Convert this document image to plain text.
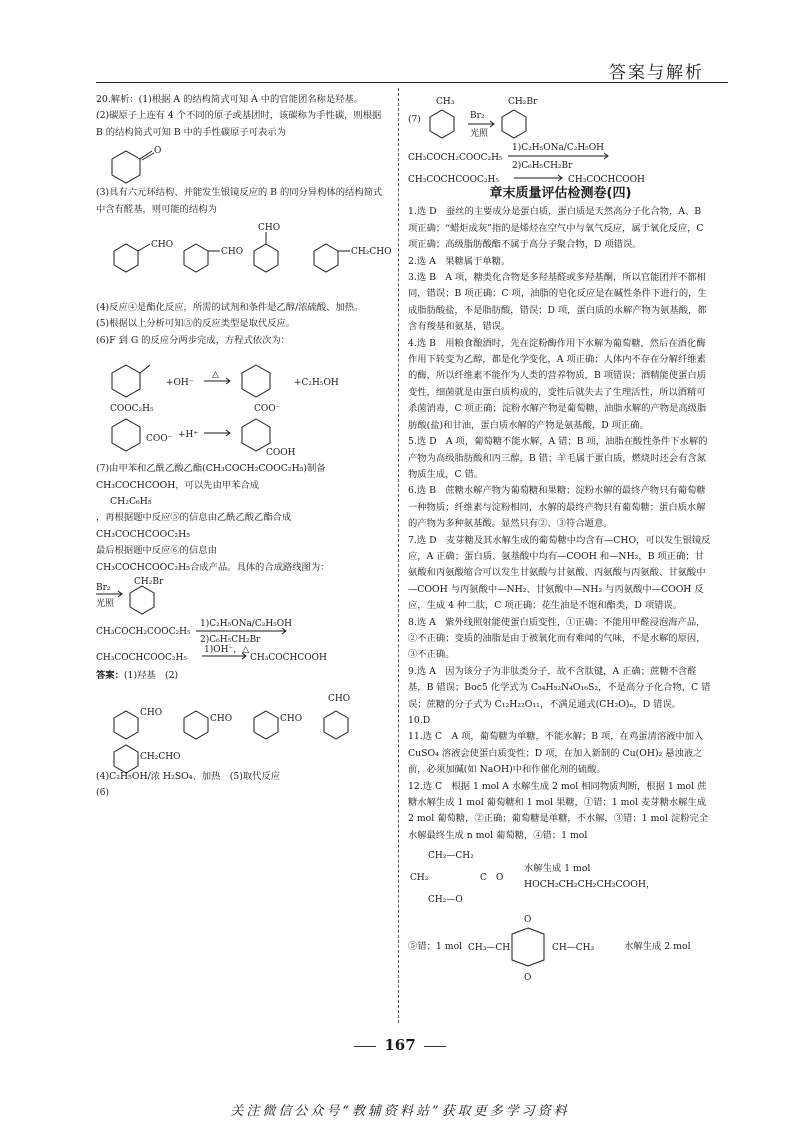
答案与解析

20.解析：(1)根据 A 的结构简式可知 A 中的官能团名称是羟基。

(2)碳原子上连有 4 个不同的原子或基团时，该碳称为手性碳，则根据 B 的结构简式可知 B 中的手性碳原子可表示为

O

(3)具有六元环结构、并能发生银镜反应的 B 的同分异构体的结构简式中含有醛基，则可能的结构为

CHO
CHO
CHO
CH₂CHO

(4)反应④是酯化反应，所需的试剂和条件是乙醇/浓硫酸、加热。

(5)根据以上分析可知⑤的反应类型是取代反应。

(6)F 到 G 的反应分两步完成，方程式依次为：

COOC₂H₅
+OH⁻
△
COO⁻
+C₂H₅OH
COO⁻ +H⁺
COOH

(7)由甲苯和乙酰乙酸乙酯(CH₃COCH₂COOC₂H₅)制备

CH₃COCHCOOH，可以先由甲苯合成

CH₂C₆H₅

，再根据题中反应⑤的信息由乙酰乙酸乙酯合成

CH₃COCHCOOC₂H₅

最后根据题中反应⑥的信息由

CH₃COCHCOOC₂H₅合成产品。具体的合成路线图为：

Br₂
光照
CH₂Br
CH₃COCH₂COOC₂H₅
1)C₂H₅ONa/C₂H₅OH
2)C₆H₅CH₂Br
CH₃COCHCOOC₂H₅
1)OH⁻，△
CH₃COCHCOOH

答案：(1)羟基　(2)

CHO
CHO	CHO
CHO
CH₂CHO

(4)C₂H₅OH/浓 H₂SO₄、加热　(5)取代反应

(6)

(7)
CH₃
Br₂
光照
CH₂Br
CH₃COCH₂COOC₂H₅
1)C₂H₅ONa/C₂H₅OH
2)C₆H₅CH₂Br
CH₃COCHCOOC₂H₅	CH₃COCHCOOH
章末质量评估检测卷(四)

1.选 D　蚕丝的主要成分是蛋白质，蛋白质是天然高分子化合物，A、B 项正确；“蜡炬成灰”指的是烯烃在空气中与氧气反应，属于氧化反应，C 项正确；高级脂肪酸酯不属于高分子聚合物，D 项错误。

2.选 A　果糖属于单糖。

3.选 B　A 项，糖类化合物是多羟基醛或多羟基酮，所以官能团并不都相同，错误；B 项正确；C 项，油脂的皂化反应是在碱性条件下进行的，生成脂肪酸盐，不是脂肪酸，错误；D 项，蛋白质的水解产物为氨基酸，都含有羧基和氨基，错误。

4.选 B　用粮食酿酒时，先在淀粉酶作用下水解为葡萄糖，然后在酒化酶作用下转变为乙醇，都是化学变化，A 项正确；人体内不存在分解纤维素的酶，所以纤维素不能作为人类的营养物质，B 项错误；酒精能使蛋白质变性，细菌就是由蛋白质构成的，变性后就失去了生理活性，所以酒精可杀菌消毒，C 项正确；淀粉水解产物是葡萄糖，油脂水解的产物是高级脂肪酸(盐)和甘油，蛋白质水解的产物是氨基酸，D 项正确。

5.选 D　A 项，葡萄糖不能水解，A 错；B 项，油脂在酸性条件下水解的产物为高级脂肪酸和丙三醇，B 错；羊毛属于蛋白质，燃烧时还会有含氮物质生成，C 错。

6.选 B　蔗糖水解产物为葡萄糖和果糖；淀粉水解的最终产物只有葡萄糖一种物质；纤维素与淀粉相同，水解的最终产物只有葡萄糖；蛋白质水解的产物为多种氨基酸。显然只有②、③符合题意。

7.选 D　麦芽糖及其水解生成的葡萄糖中均含有—CHO，可以发生银镜反应，A 正确；蛋白质、氨基酸中均有—COOH 和—NH₂，B 项正确；甘氨酸和丙氨酸缩合可以发生甘氨酸与甘氨酸、丙氨酸与丙氨酸、甘氨酸中—COOH 与丙氨酸中—NH₂、甘氨酸中—NH₂ 与丙氨酸中—COOH 反应，生成 4 种二肽，C 项正确；花生油是不饱和酯类，D 项错误。

8.选 A　紫外线照射能使蛋白质变性，①正确；不能用甲醛浸泡海产品，②不正确；变质的油脂是由于被氧化而有难闻的气味，不是水解的原因，③不正确。

9.选 A　因为该分子为非肽类分子，故不含肽键，A 正确；蔗糖不含醛基，B 错误；Boc5 化学式为 C₅₄H₅₂N₄O₁₆S₂，不是高分子化合物，C 错误；蔗糖的分子式为 C₁₂H₂₂O₁₁，不满足通式(CH₂O)ₙ，D 错误。

10.D

11.选 C　A 项，葡萄糖为单糖，不能水解；B 项，在鸡蛋清溶液中加入 CuSO₄ 溶液会使蛋白质变性；D 项，在加入新制的 Cu(OH)₂ 悬浊液之前，必须加碱(如 NaOH)中和作催化剂的硫酸。

12.选 C　根据 1 mol A 水解生成 2 mol 相同物质判断，根据 1 mol 蔗糖水解生成 1 mol 葡萄糖和 1 mol 果糖，①错；1 mol 麦芽糖水解生成 2 mol 葡萄糖，②正确；葡萄糖是单糖，不水解，③错；1 mol 淀粉完全水解最终生成 n mol 葡萄糖，④错；1 mol

CH₂—CH₂
CH₂	C O
CH₂—O
水解生成 1 mol HOCH₂CH₂CH₂CH₂COOH，
⑤错；1 mol CH₃—CH	CH—CH₃
O
O
水解生成 2 mol
167
关注微信公众号“教辅资料站”获取更多学习资料
